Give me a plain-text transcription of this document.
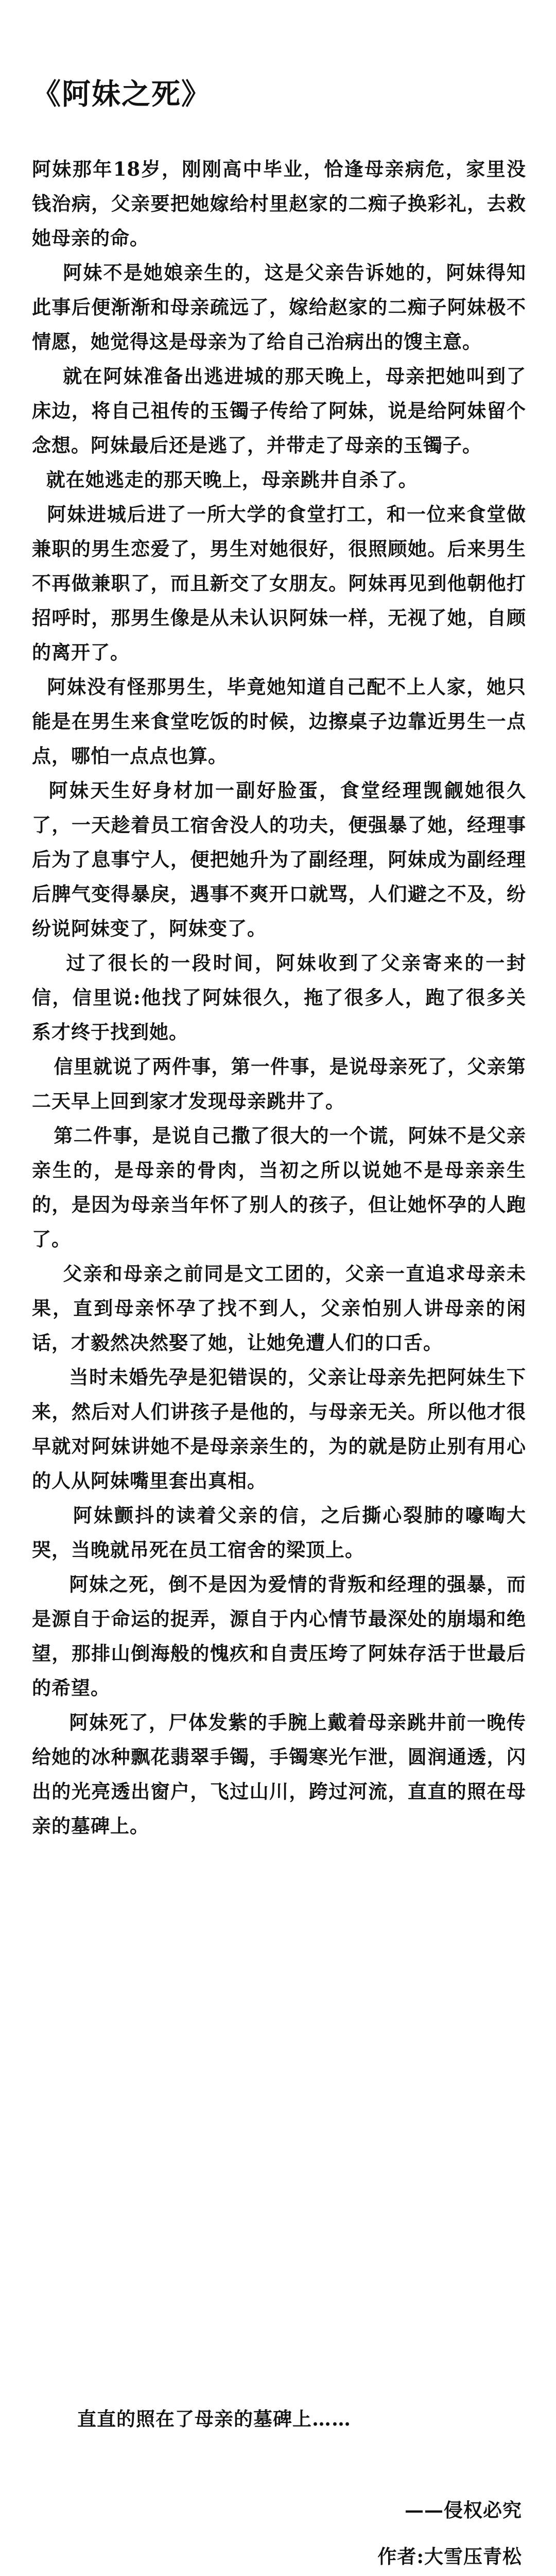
《阿妹之死》

阿妹那年18岁，刚刚高中毕业，恰逢母亲病危，家里没钱治病，父亲要把她嫁给村里赵家的二痴子换彩礼，去救她母亲的命。

阿妹不是她娘亲生的，这是父亲告诉她的，阿妹得知此事后便渐渐和母亲疏远了，嫁给赵家的二痴子阿妹极不情愿，她觉得这是母亲为了给自己治病出的馊主意。

就在阿妹准备出逃进城的那天晚上，母亲把她叫到了床边，将自己祖传的玉镯子传给了阿妹，说是给阿妹留个念想。阿妹最后还是逃了，并带走了母亲的玉镯子。

就在她逃走的那天晚上，母亲跳井自杀了。

阿妹进城后进了一所大学的食堂打工，和一位来食堂做兼职的男生恋爱了，男生对她很好，很照顾她。后来男生不再做兼职了，而且新交了女朋友。阿妹再见到他朝他打招呼时，那男生像是从未认识阿妹一样，无视了她，自顾的离开了。

阿妹没有怪那男生，毕竟她知道自己配不上人家，她只能是在男生来食堂吃饭的时候，边擦桌子边靠近男生一点点，哪怕一点点也算。

阿妹天生好身材加一副好脸蛋，食堂经理觊觎她很久了，一天趁着员工宿舍没人的功夫，便强暴了她，经理事后为了息事宁人，便把她升为了副经理，阿妹成为副经理后脾气变得暴戾，遇事不爽开口就骂，人们避之不及，纷纷说阿妹变了，阿妹变了。

过了很长的一段时间，阿妹收到了父亲寄来的一封信，信里说:他找了阿妹很久，拖了很多人，跑了很多关系才终于找到她。

信里就说了两件事，第一件事，是说母亲死了，父亲第二天早上回到家才发现母亲跳井了。

第二件事，是说自己撒了很大的一个谎，阿妹不是父亲亲生的，是母亲的骨肉，当初之所以说她不是母亲亲生的，是因为母亲当年怀了别人的孩子，但让她怀孕的人跑了。

父亲和母亲之前同是文工团的，父亲一直追求母亲未果，直到母亲怀孕了找不到人，父亲怕别人讲母亲的闲话，才毅然决然娶了她，让她免遭人们的口舌。

当时未婚先孕是犯错误的，父亲让母亲先把阿妹生下来，然后对人们讲孩子是他的，与母亲无关。所以他才很早就对阿妹讲她不是母亲亲生的，为的就是防止别有用心的人从阿妹嘴里套出真相。

阿妹颤抖的读着父亲的信，之后撕心裂肺的嚎啕大哭，当晚就吊死在员工宿舍的梁顶上。

阿妹之死，倒不是因为爱情的背叛和经理的强暴，而是源自于命运的捉弄，源自于内心情节最深处的崩塌和绝望，那排山倒海般的愧疚和自责压垮了阿妹存活于世最后的希望。

阿妹死了，尸体发紫的手腕上戴着母亲跳井前一晚传给她的冰种飘花翡翠手镯，手镯寒光乍泄，圆润通透，闪出的光亮透出窗户，飞过山川，跨过河流，直直的照在母亲的墓碑上。

直直的照在了母亲的墓碑上……
——侵权必究
作者:大雪压青松
